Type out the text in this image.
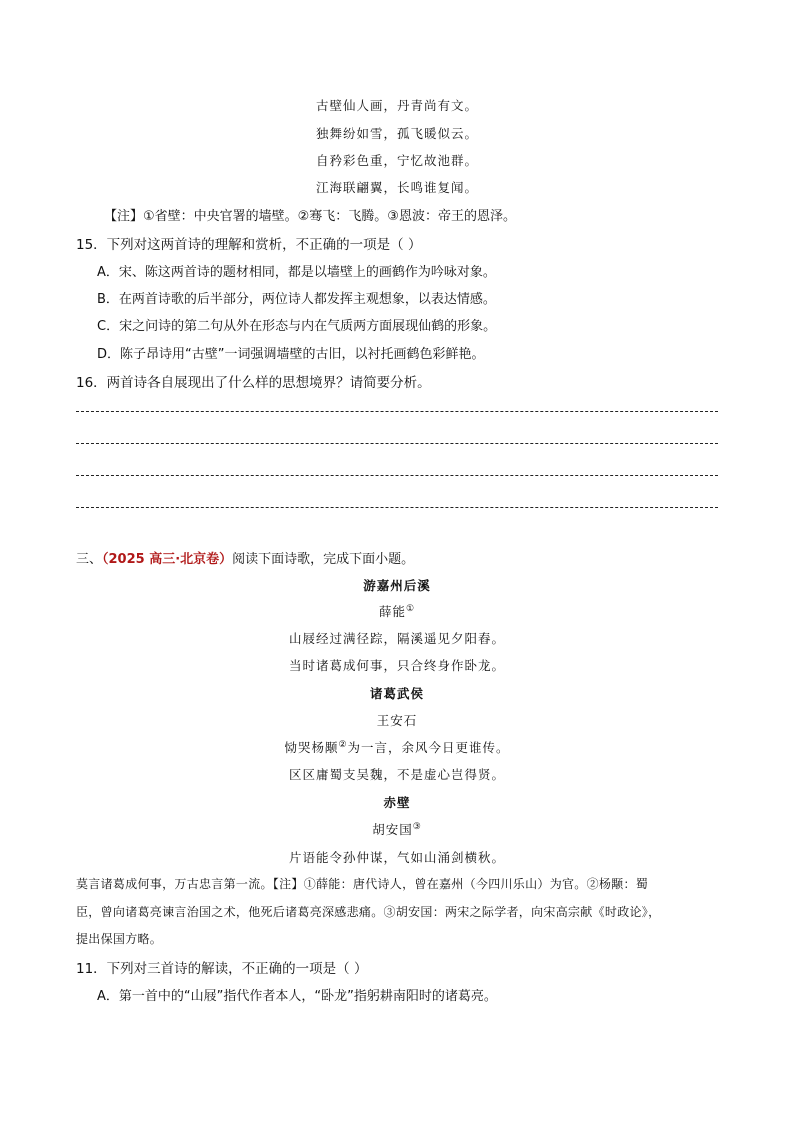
古壁仙人画，丹青尚有文。
独舞纷如雪，孤飞暖似云。
自矜彩色重，宁忆故池群。
江海联翩翼，长鸣谁复闻。
【注】①省壁：中央官署的墙壁。②骞飞：飞腾。③恩波：帝王的恩泽。
15．下列对这两首诗的理解和赏析，不正确的一项是（ ）
A．宋、陈这两首诗的题材相同，都是以墙壁上的画鹤作为吟咏对象。
B．在两首诗歌的后半部分，两位诗人都发挥主观想象，以表达情感。
C．宋之问诗的第二句从外在形态与内在气质两方面展现仙鹤的形象。
D．陈子昂诗用“古壁”一词强调墙壁的古旧，以衬托画鹤色彩鲜艳。
16．两首诗各自展现出了什么样的思想境界？请简要分析。
三、（2025 高三·北京卷）阅读下面诗歌，完成下面小题。
游嘉州后溪
薛能①
山屐经过满径踪，隔溪遥见夕阳舂。
当时诸葛成何事，只合终身作卧龙。
诸葛武侯
王安石
恸哭杨颙②为一言，余风今日更谁传。
区区庸蜀支吴魏，不是虚心岂得贤。
赤壁
胡安国③
片语能令孙仲谋，气如山涌剑横秋。
莫言诸葛成何事，万古忠言第一流。【注】①薛能：唐代诗人，曾在嘉州（今四川乐山）为官。②杨颙：蜀
臣，曾向诸葛亮谏言治国之术，他死后诸葛亮深感悲痛。③胡安国：两宋之际学者，向宋高宗献《时政论》，
提出保国方略。
11．下列对三首诗的解读，不正确的一项是（ ）
A．第一首中的“山屐”指代作者本人，“卧龙”指躬耕南阳时的诸葛亮。
